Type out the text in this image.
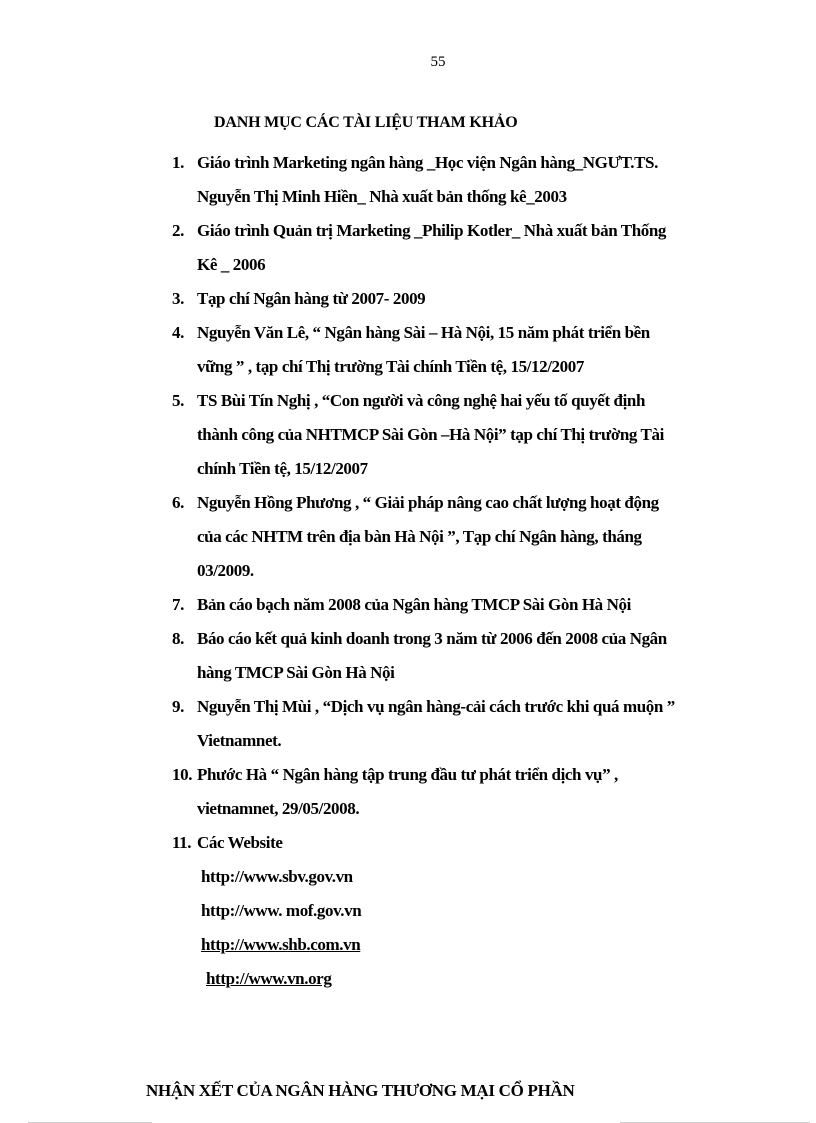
55
DANH MỤC CÁC TÀI LIỆU THAM KHẢO
1. Giáo trình Marketing ngân hàng _Học viện Ngân hàng_NGƯT.TS.
Nguyễn Thị Minh Hiền_ Nhà xuất bản thống kê_2003
2. Giáo trình Quản trị Marketing _Philip Kotler_ Nhà xuất bản Thống
Kê _ 2006
3. Tạp chí Ngân hàng từ 2007- 2009
4. Nguyễn Văn Lê, “ Ngân hàng Sài – Hà Nội, 15 năm phát triển bền
vững ” , tạp chí Thị trường Tài chính Tiền tệ, 15/12/2007
5. TS Bùi Tín Nghị , “Con người và công nghệ hai yếu tố quyết định
thành công của NHTMCP Sài Gòn –Hà Nội” tạp chí Thị trường Tài
chính Tiền tệ, 15/12/2007
6. Nguyễn Hồng Phương , “ Giải pháp nâng cao chất lượng hoạt động
của các NHTM trên địa bàn Hà Nội ”, Tạp chí Ngân hàng, tháng
03/2009.
7. Bản cáo bạch năm 2008 của Ngân hàng TMCP Sài Gòn Hà Nội
8. Báo cáo kết quả kinh doanh trong 3 năm từ 2006 đến 2008 của Ngân
hàng TMCP Sài Gòn Hà Nội
9. Nguyễn Thị Mùi , “Dịch vụ ngân hàng-cải cách trước khi quá muộn ”
Vietnamnet.
10. Phước Hà “ Ngân hàng tập trung đầu tư phát triển dịch vụ” ,
vietnamnet, 29/05/2008.
11. Các Website
http://www.sbv.gov.vn
http://www. mof.gov.vn
http://www.shb.com.vn
http://www.vn.org
NHẬN XẾT CỦA NGÂN HÀNG THƯƠNG MẠI CỔ PHẦN
